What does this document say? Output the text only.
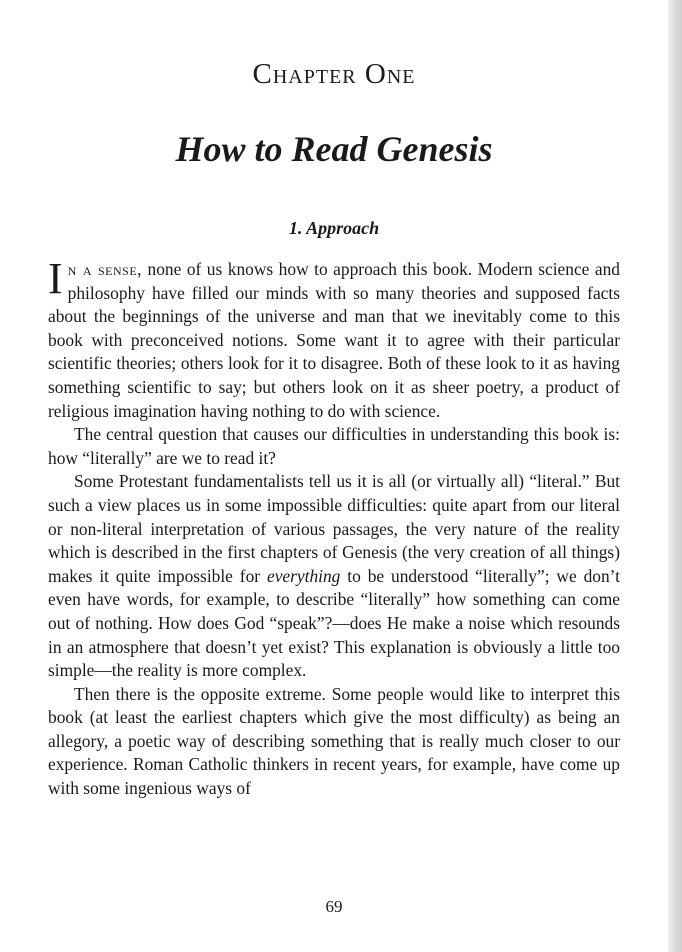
Chapter One
How to Read Genesis
1. Approach

In a sense, none of us knows how to approach this book. Modern science and philosophy have filled our minds with so many theories and supposed facts about the beginnings of the universe and man that we inevitably come to this book with preconceived notions. Some want it to agree with their particular scientific theories; others look for it to disagree. Both of these look to it as having something scientific to say; but others look on it as sheer poetry, a product of religious imagination having nothing to do with science.

The central question that causes our difficulties in understanding this book is: how “literally” are we to read it?

Some Protestant fundamentalists tell us it is all (or virtually all) “literal.” But such a view places us in some impossible difficulties: quite apart from our literal or non-literal interpretation of various passages, the very nature of the reality which is described in the first chapters of Genesis (the very creation of all things) makes it quite impossible for everything to be understood “literally”; we don’t even have words, for example, to describe “literally” how something can come out of nothing. How does God “speak”?—does He make a noise which resounds in an atmosphere that doesn’t yet exist? This explanation is obviously a little too simple—the reality is more complex.

Then there is the opposite extreme. Some people would like to interpret this book (at least the earliest chapters which give the most difficulty) as being an allegory, a poetic way of describing something that is really much closer to our experience. Roman Catholic thinkers in recent years, for example, have come up with some ingenious ways of

69
